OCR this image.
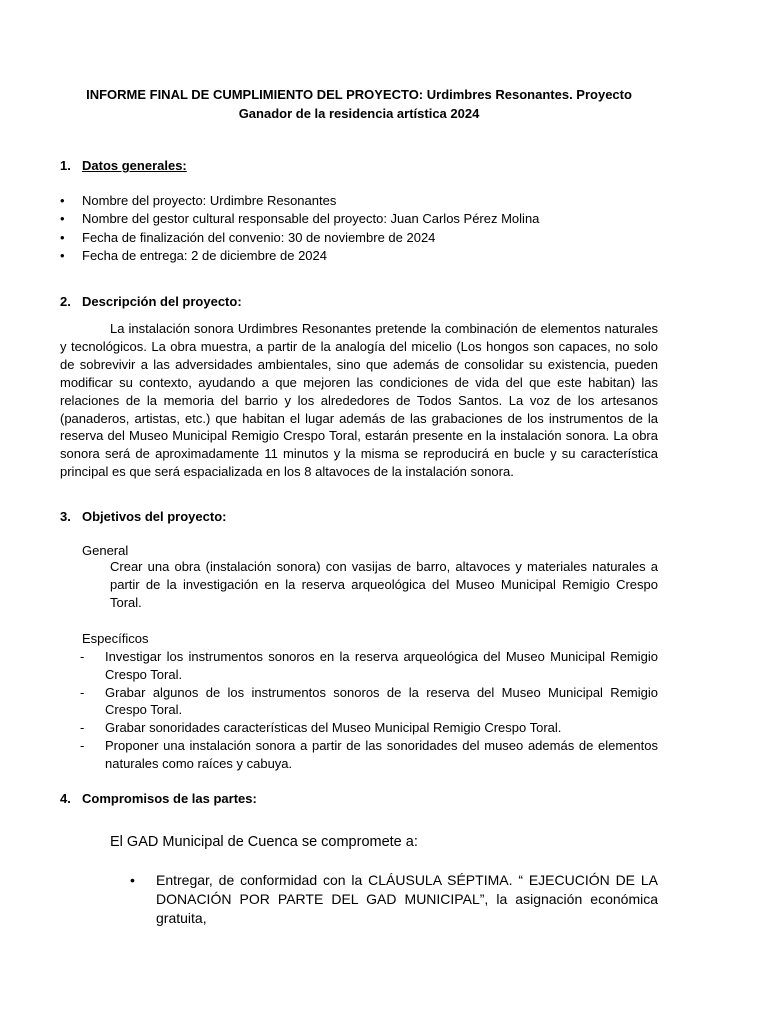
INFORME FINAL DE CUMPLIMIENTO DEL PROYECTO: Urdimbres Resonantes. Proyecto
Ganador de la residencia artística 2024
1. Datos generales:
• Nombre del proyecto: Urdimbre Resonantes
• Nombre del gestor cultural responsable del proyecto: Juan Carlos Pérez Molina
• Fecha de finalización del convenio: 30 de noviembre de 2024
• Fecha de entrega: 2 de diciembre de 2024
2. Descripción del proyecto:
La instalación sonora Urdimbres Resonantes pretende la combinación de elementos naturales y tecnológicos. La obra muestra, a partir de la analogía del micelio (Los hongos son capaces, no solo de sobrevivir a las adversidades ambientales, sino que además de consolidar su existencia, pueden modificar su contexto, ayudando a que mejoren las condiciones de vida del que este habitan) las relaciones de la memoria del barrio y los alrededores de Todos Santos. La voz de los artesanos (panaderos, artistas, etc.) que habitan el lugar además de las grabaciones de los instrumentos de la reserva del Museo Municipal Remigio Crespo Toral, estarán presente en la instalación sonora. La obra sonora será de aproximadamente 11 minutos y la misma se reproducirá en bucle y su característica principal es que será espacializada en los 8 altavoces de la instalación sonora.
3. Objetivos del proyecto:
General
Crear una obra (instalación sonora) con vasijas de barro, altavoces y materiales naturales a partir de la investigación en la reserva arqueológica del Museo Municipal Remigio Crespo Toral.
Específicos
- Investigar los instrumentos sonoros en la reserva arqueológica del Museo Municipal Remigio Crespo Toral.
- Grabar algunos de los instrumentos sonoros de la reserva del Museo Municipal Remigio Crespo Toral.
- Grabar sonoridades características del Museo Municipal Remigio Crespo Toral.
- Proponer una instalación sonora a partir de las sonoridades del museo además de elementos naturales como raíces y cabuya.
4. Compromisos de las partes:
El GAD Municipal de Cuenca se compromete a:
• Entregar, de conformidad con la CLÁUSULA SÉPTIMA. “ EJECUCIÓN DE LA DONACIÓN POR PARTE DEL GAD MUNICIPAL”, la asignación económica gratuita,
